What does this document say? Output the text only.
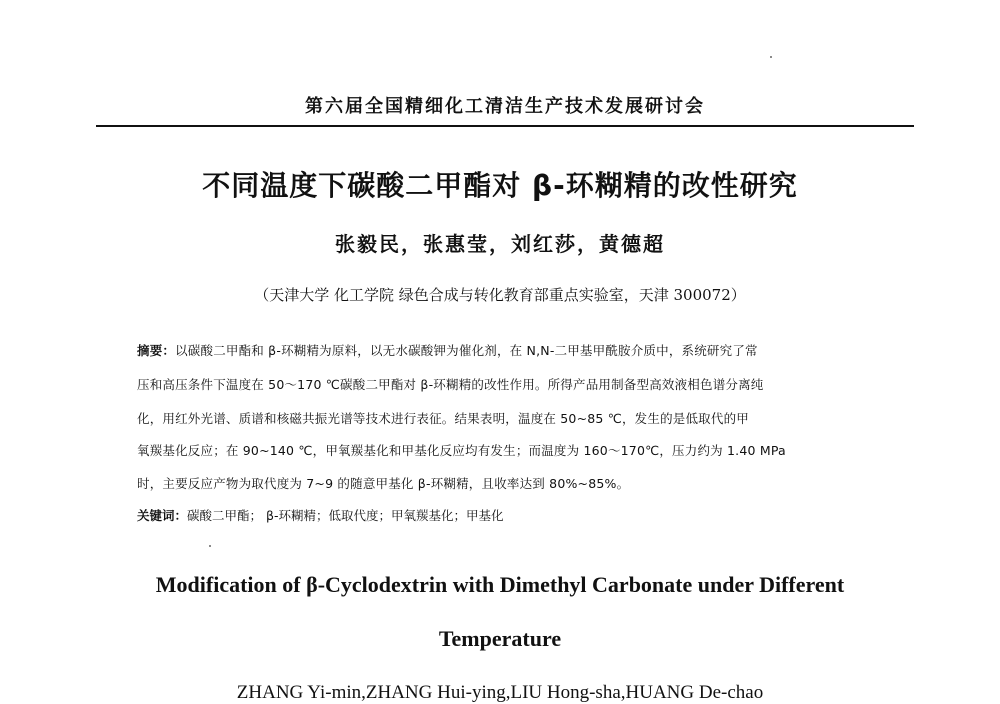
第六届全国精细化工清洁生产技术发展研讨会
不同温度下碳酸二甲酯对 β-环糊精的改性研究
张毅民，张惠莹，刘红莎，黄德超
（天津大学 化工学院 绿色合成与转化教育部重点实验室，天津 300072）
摘要：以碳酸二甲酯和 β-环糊精为原料，以无水碳酸钾为催化剂，在 N,N-二甲基甲酰胺介质中，系统研究了常
压和高压条件下温度在 50～170 ℃碳酸二甲酯对 β-环糊精的改性作用。所得产品用制备型高效液相色谱分离纯
化，用红外光谱、质谱和核磁共振光谱等技术进行表征。结果表明，温度在 50~85 ℃，发生的是低取代的甲
氧羰基化反应；在 90~140 ℃，甲氧羰基化和甲基化反应均有发生；而温度为 160～170℃，压力约为 1.40 MPa
时，主要反应产物为取代度为 7~9 的随意甲基化 β-环糊精，且收率达到 80%~85%。
关键词：碳酸二甲酯； β-环糊精；低取代度；甲氧羰基化；甲基化
Modification of β-Cyclodextrin with Dimethyl Carbonate under Different
Temperature
ZHANG Yi-min,ZHANG Hui-ying,LIU Hong-sha,HUANG De-chao
